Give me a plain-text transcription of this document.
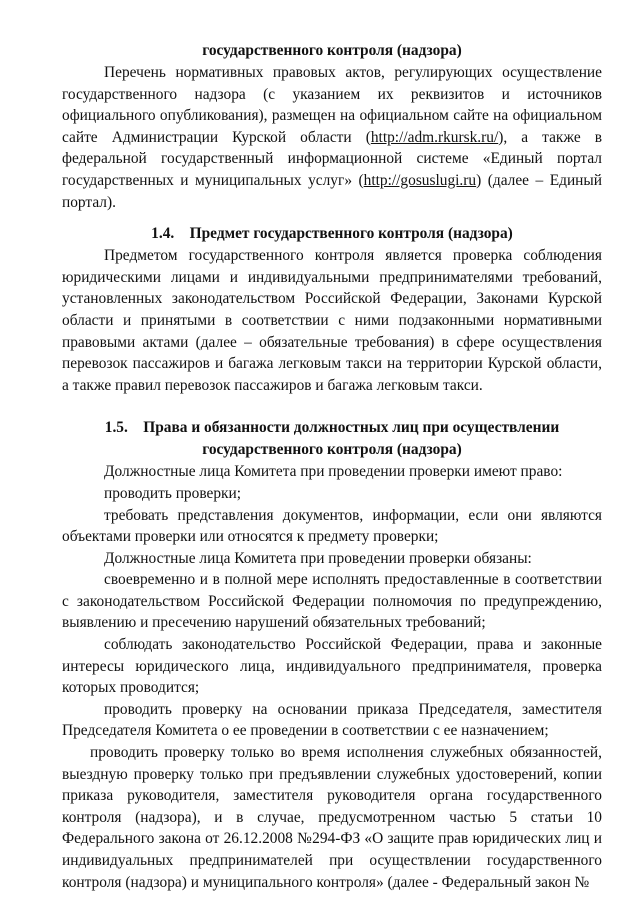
государственного контроля (надзора)

Перечень нормативных правовых актов, регулирующих осуществление государственного надзора (с указанием их реквизитов и источников официального опубликования), размещен на официальном сайте на официальном сайте Администрации Курской области (http://adm.rkursk.ru/), а также в федеральной государственный информационной системе «Единый портал государственных и муниципальных услуг» (http://gosuslugi.ru) (далее – Единый портал).

1.4. Предмет государственного контроля (надзора)

Предметом государственного контроля является проверка соблюдения юридическими лицами и индивидуальными предпринимателями требований, установленных законодательством Российской Федерации, Законами Курской области и принятыми в соответствии с ними подзаконными нормативными правовыми актами (далее – обязательные требования) в сфере осуществления перевозок пассажиров и багажа легковым такси на территории Курской области, а также правил перевозок пассажиров и багажа легковым такси.

1.5. Права и обязанности должностных лиц при осуществлении
государственного контроля (надзора)

Должностные лица Комитета при проведении проверки имеют право:

проводить проверки;

требовать представления документов, информации, если они являются объектами проверки или относятся к предмету проверки;

Должностные лица Комитета при проведении проверки обязаны:

своевременно и в полной мере исполнять предоставленные в соответствии с законодательством Российской Федерации полномочия по предупреждению, выявлению и пресечению нарушений обязательных требований;

соблюдать законодательство Российской Федерации, права и законные интересы юридического лица, индивидуального предпринимателя, проверка которых проводится;

проводить проверку на основании приказа Председателя, заместителя Председателя Комитета о ее проведении в соответствии с ее назначением;

проводить проверку только во время исполнения служебных обязанностей, выездную проверку только при предъявлении служебных удостоверений, копии приказа руководителя, заместителя руководителя органа государственного контроля (надзора), и в случае, предусмотренном частью 5 статьи 10 Федерального закона от 26.12.2008 №294-ФЗ «О защите прав юридических лиц и индивидуальных предпринимателей при осуществлении государственного контроля (надзора) и муниципального контроля» (далее - Федеральный закон №
